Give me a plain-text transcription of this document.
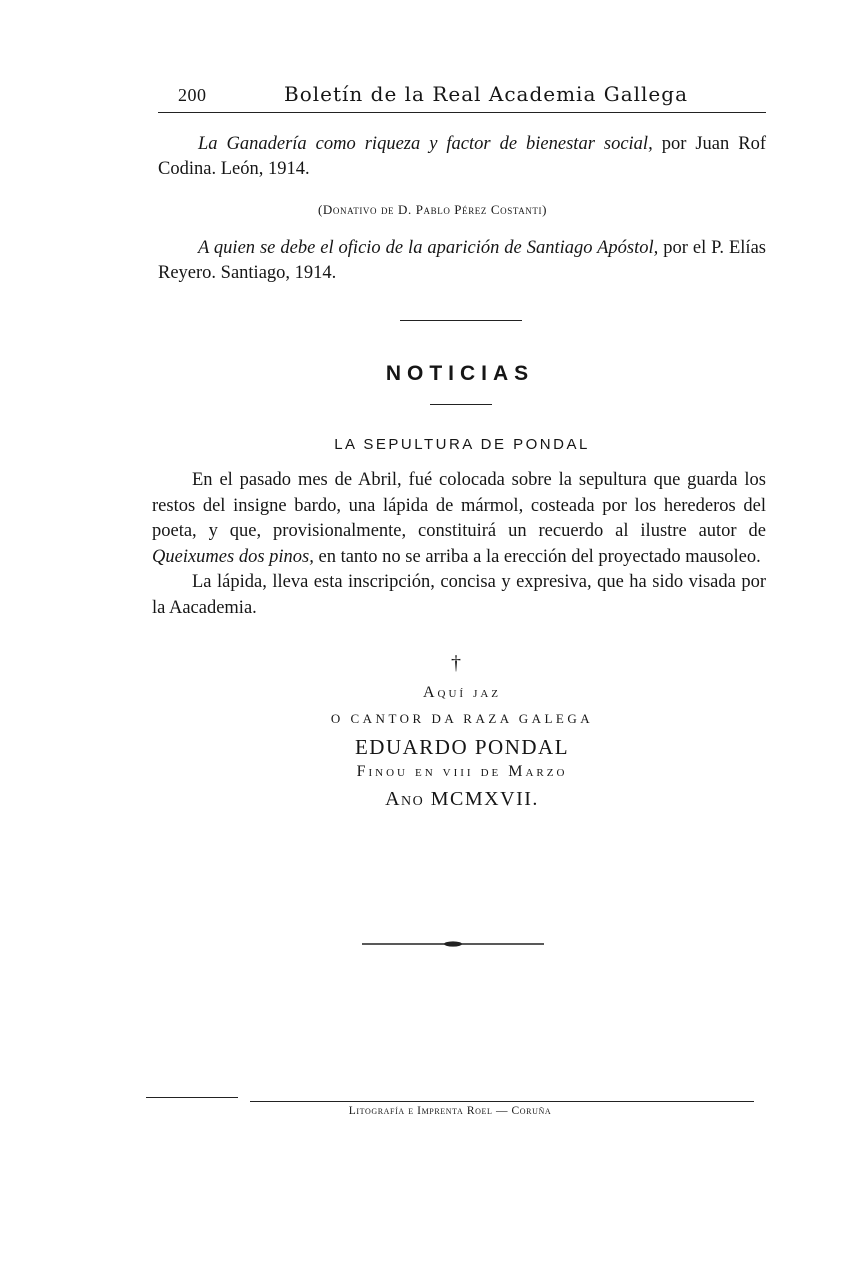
200	Boletín de la Real Academia Gallega
La Ganadería como riqueza y factor de bienestar social, por Juan Rof Codina. León, 1914.
(Donativo de D. Pablo Pérez Costanti)
A quien se debe el oficio de la aparición de Santiago Apóstol, por el P. Elías Reyero. Santiago, 1914.
NOTICIAS
LA SEPULTURA DE PONDAL

En el pasado mes de Abril, fué colocada sobre la sepultura que guarda los restos del insigne bardo, una lápida de mármol, costeada por los herederos del poeta, y que, provisionalmente, constituirá un recuerdo al ilustre autor de Queixumes dos pinos, en tanto no se arriba a la erección del proyectado mausoleo.

La lápida, lleva esta inscripción, concisa y expresiva, que ha sido visada por la Aacademia.

†
Aquí jaz
O CANTOR DA RAZA GALEGA
EDUARDO PONDAL
Finou en viii de Marzo
Ano MCMXVII.
Litografía e Imprenta Roel — Coruña
